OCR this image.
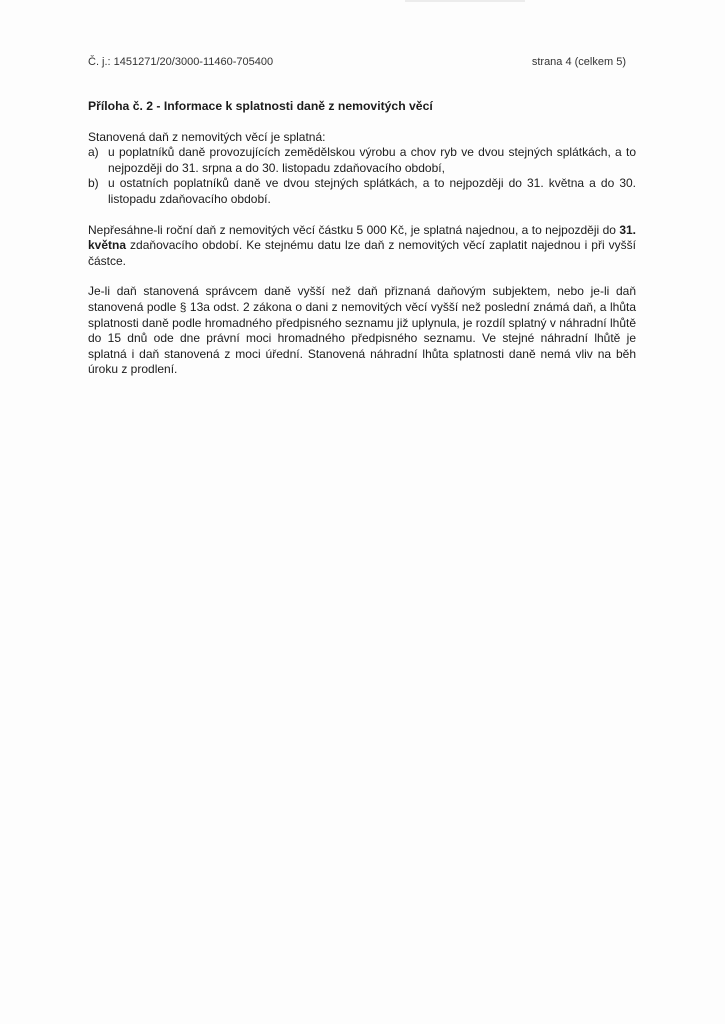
Č. j.: 1451271/20/3000-11460-705400	strana 4 (celkem 5)
Příloha č. 2 - Informace k splatnosti daně z nemovitých věcí

Stanovená daň z nemovitých věcí je splatná:

a) u poplatníků daně provozujících zemědělskou výrobu a chov ryb ve dvou stejných splátkách, a to nejpozději do 31. srpna a do 30. listopadu zdaňovacího období,
b) u ostatních poplatníků daně ve dvou stejných splátkách, a to nejpozději do 31. května a do 30. listopadu zdaňovacího období.

Nepřesáhne-li roční daň z nemovitých věcí částku 5 000 Kč, je splatná najednou, a to nejpozději do 31. května zdaňovacího období. Ke stejnému datu lze daň z nemovitých věcí zaplatit najednou i při vyšší částce.

Je-li daň stanovená správcem daně vyšší než daň přiznaná daňovým subjektem, nebo je-li daň stanovená podle § 13a odst. 2 zákona o dani z nemovitých věcí vyšší než poslední známá daň, a lhůta splatnosti daně podle hromadného předpisného seznamu již uplynula, je rozdíl splatný v náhradní lhůtě do 15 dnů ode dne právní moci hromadného předpisného seznamu. Ve stejné náhradní lhůtě je splatná i daň stanovená z moci úřední. Stanovená náhradní lhůta splatnosti daně nemá vliv na běh úroku z prodlení.
